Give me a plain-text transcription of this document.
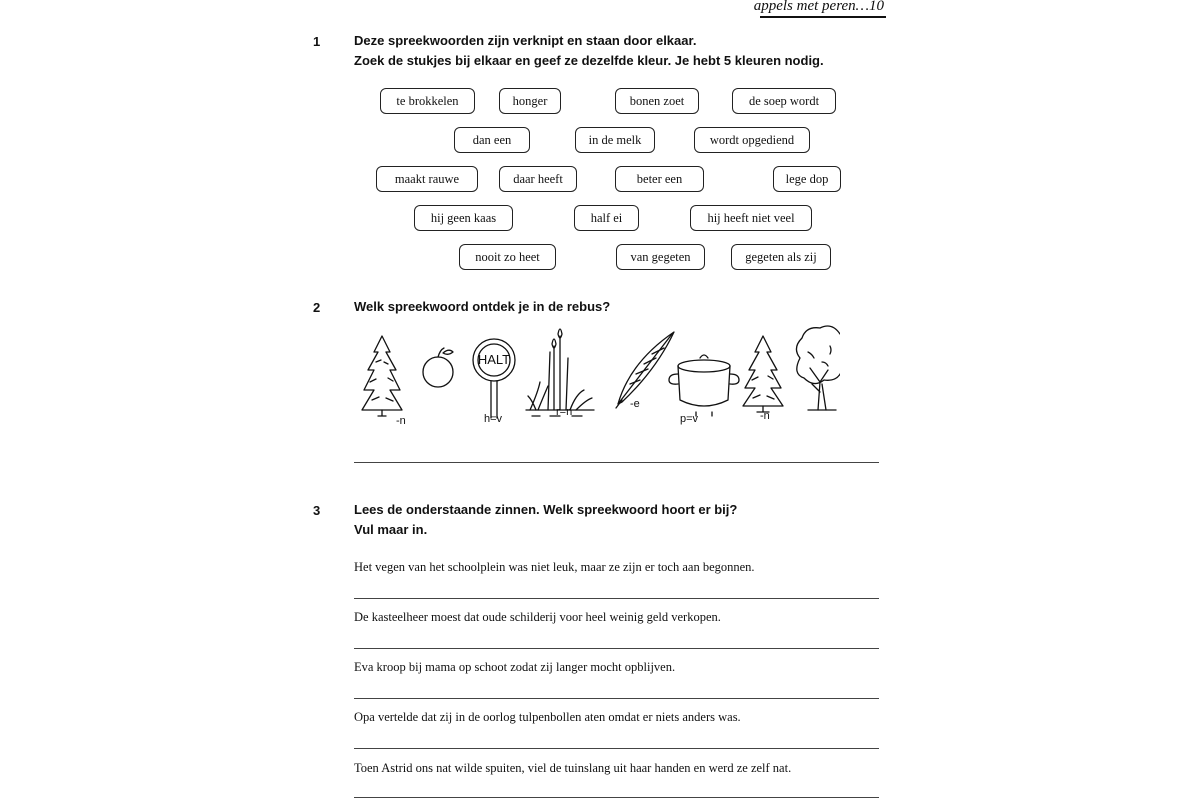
appels met peren…10
1	Deze spreekwoorden zijn verknipt en staan door elkaar.
Zoek de stukjes bij elkaar en geef ze dezelfde kleur. Je hebt 5 kleuren nodig.
te brokkelen	honger	bonen zoet	de soep wordt
dan een	in de melk	wordt opgediend
maakt rauwe	daar heeft	beter een	lege dop
hij geen kaas	half ei	hij heeft niet veel
nooit zo heet	van gegeten	gegeten als zij
2	Welk spreekwoord ontdek je in de rebus?
HALT
-n	h=v
r=n
-e
p=v	-n
3	Lees de onderstaande zinnen. Welk spreekwoord hoort er bij?
Vul maar in.
Het vegen van het schoolplein was niet leuk, maar ze zijn er toch aan begonnen.
De kasteelheer moest dat oude schilderij voor heel weinig geld verkopen.
Eva kroop bij mama op schoot zodat zij langer mocht opblijven.
Opa vertelde dat zij in de oorlog tulpenbollen aten omdat er niets anders was.
Toen Astrid ons nat wilde spuiten, viel de tuinslang uit haar handen en werd ze zelf nat.
